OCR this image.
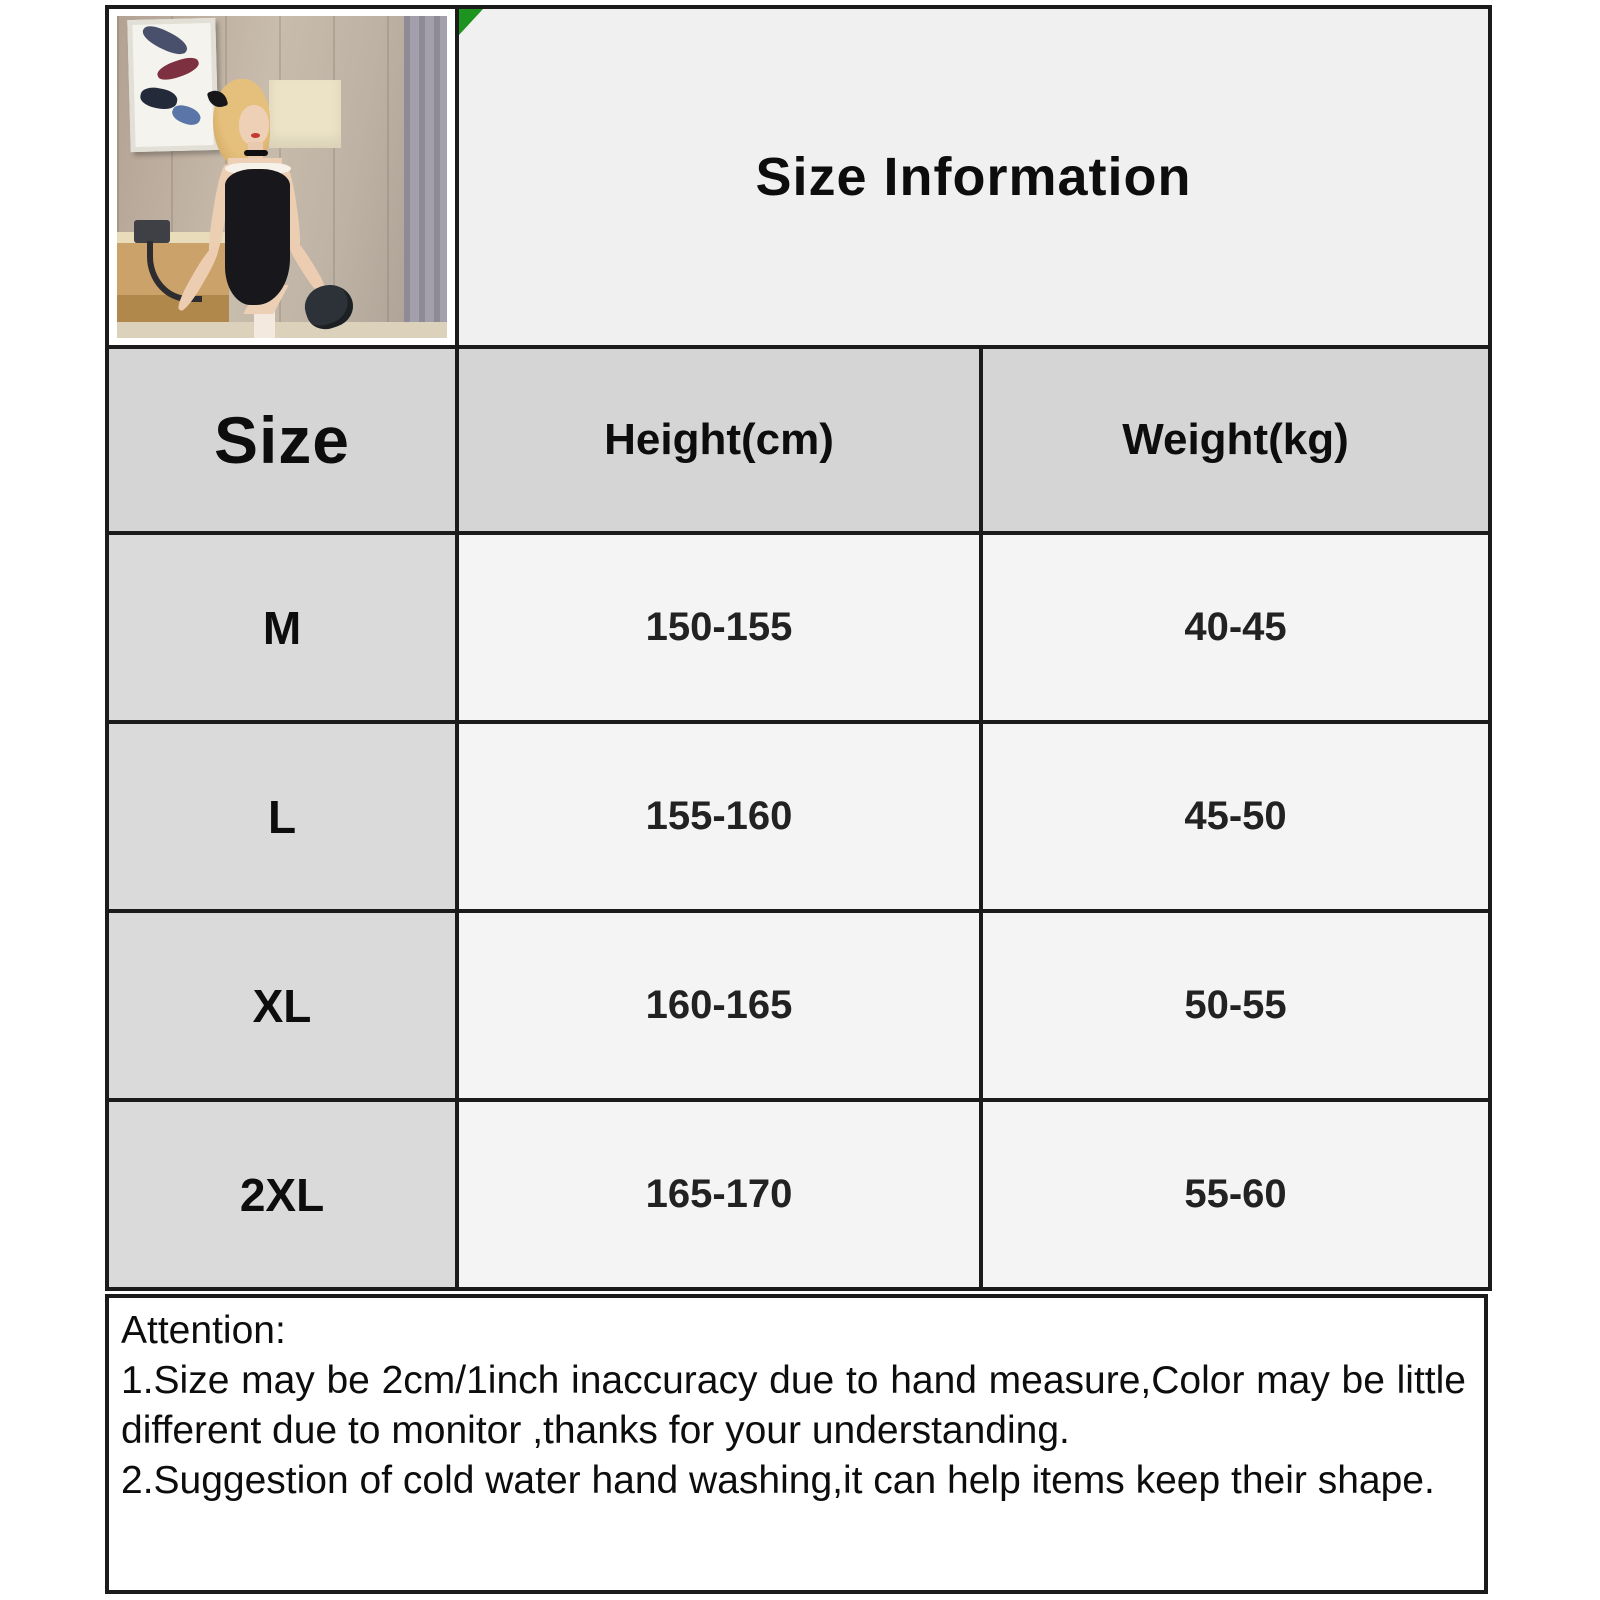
	Size Information	

Size	Height(cm)	Weight(kg)
M	150-155	40-45
L	155-160	45-50
XL	160-165	50-55
2XL	165-170	55-60
Attention:

1.Size may be 2cm/1inch inaccuracy due to hand measure,Color may be little different due to monitor ,thanks for your understanding.

2.Suggestion of cold water hand washing,it can help items keep their shape.
